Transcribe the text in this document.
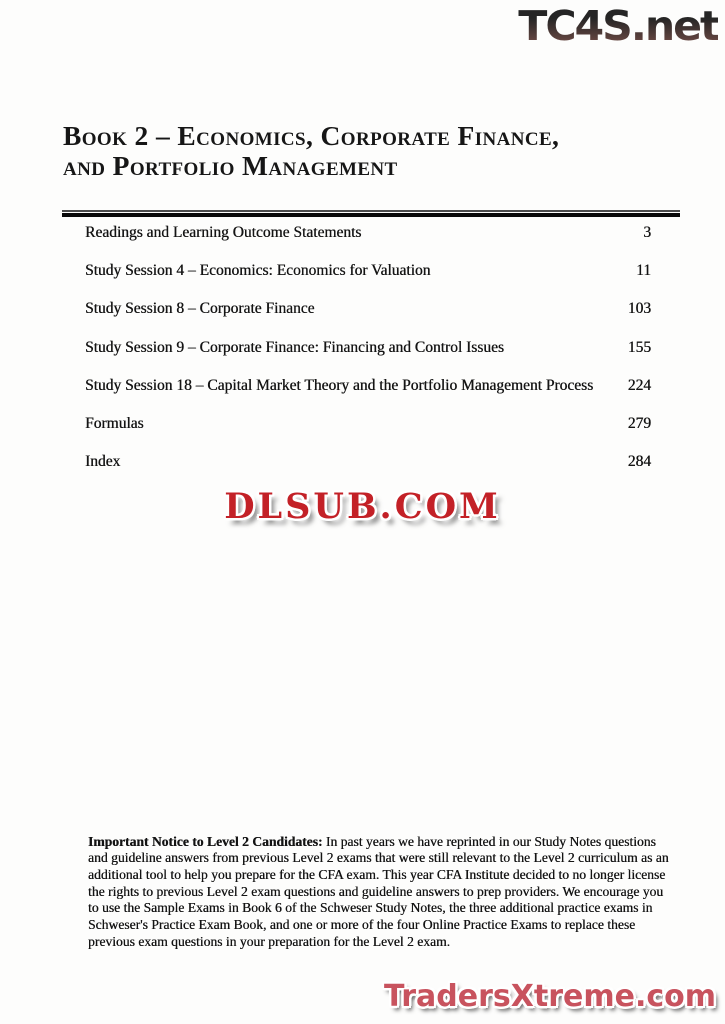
TC4S.net
Book 2 – Economics, Corporate Finance,
and Portfolio Management
Readings and Learning Outcome Statements	3
Study Session 4 – Economics: Economics for Valuation	11
Study Session 8 – Corporate Finance	103
Study Session 9 – Corporate Finance: Financing and Control Issues	155
Study Session 18 – Capital Market Theory and the Portfolio Management Process 224
Formulas	279
Index	284
DLSUB.COM

Important Notice to Level 2 Candidates: In past years we have reprinted in our Study Notes questions and guideline answers from previous Level 2 exams that were still relevant to the Level 2 curriculum as an additional tool to help you prepare for the CFA exam. This year CFA Institute decided to no longer license the rights to previous Level 2 exam questions and guideline answers to prep providers. We encourage you to use the Sample Exams in Book 6 of the Schweser Study Notes, the three additional practice exams in Schweser's Practice Exam Book, and one or more of the four Online Practice Exams to replace these previous exam questions in your preparation for the Level 2 exam.

TradersXtreme.com
